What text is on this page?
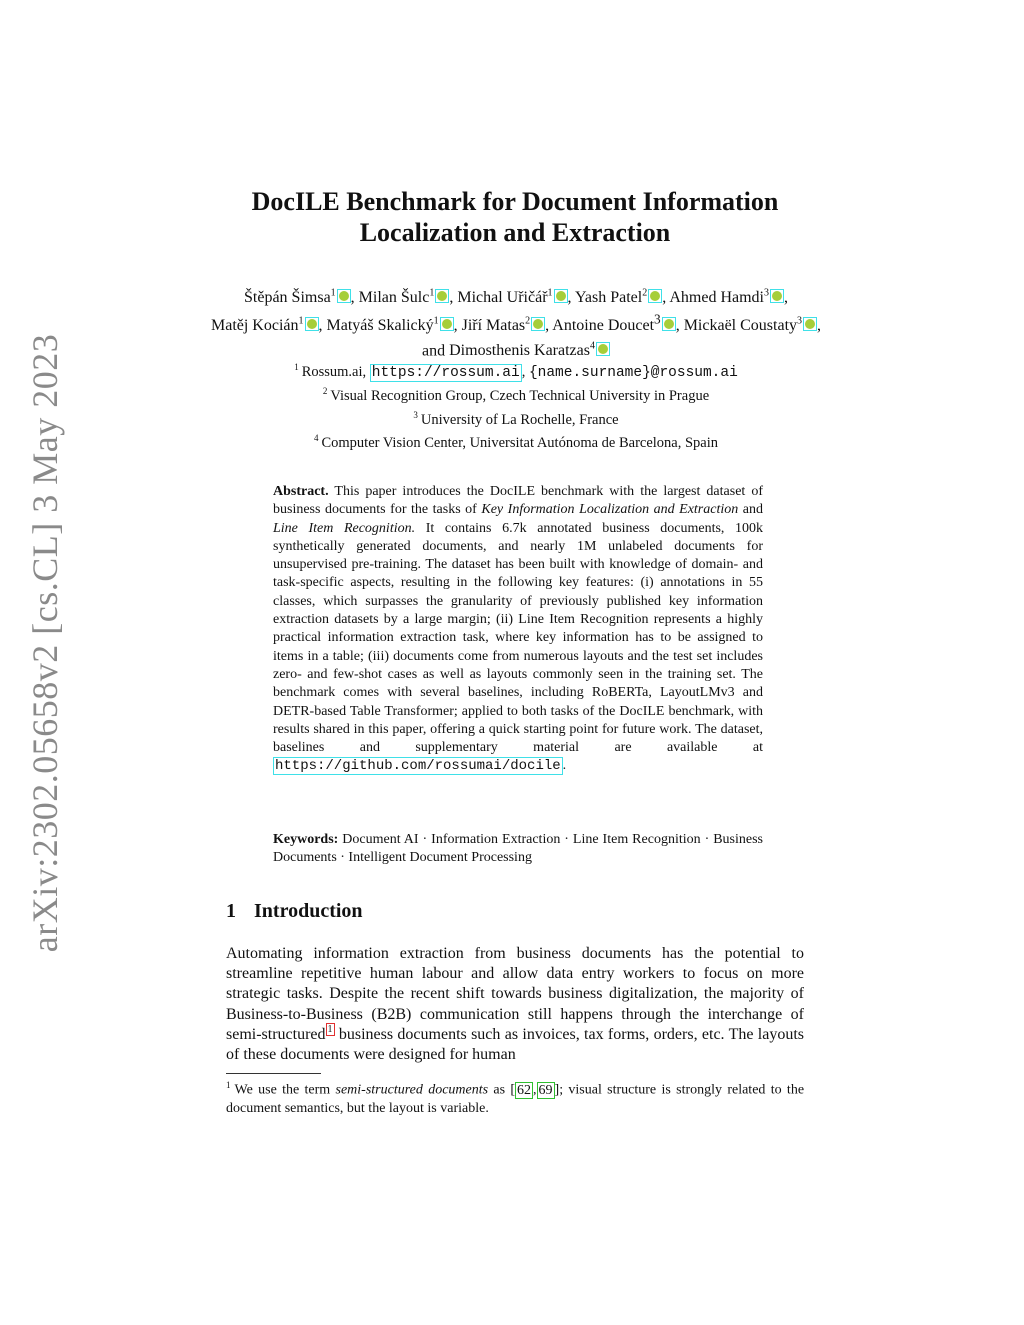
arXiv:2302.05658v2 [cs.CL] 3 May 2023
DocILE Benchmark for Document Information Localization and Extraction
Štěpán Šimsa$^1$ , Milan Šulc$^1$ , Michal Uřičář$^1$ , Yash Patel$^2$ , Ahmed Hamdi$^3$ , Matěj Kocián$^1$ , Matyáš Skalický$^1$ , Jiří Matas$^2$ , Antoine Doucet$^3$ , Mickaël Coustaty$^3$ , and Dimosthenis Karatzas$^4$
$^1$ Rossum.ai, https://rossum.ai , {name.surname}@rossum.ai
$^2$ Visual Recognition Group, Czech Technical University in Prague
$^3$ University of La Rochelle, France
$^4$ Computer Vision Center, Universitat Autónoma de Barcelona, Spain
Abstract. This paper introduces the DocILE benchmark with the largest dataset of business documents for the tasks of Key Information Localization and Extraction and Line Item Recognition. It contains 6.7k annotated business documents, 100k synthetically generated documents, and nearly 1M unlabeled documents for unsupervised pre-training. The dataset has been built with knowledge of domain- and task-specific aspects, resulting in the following key features: (i) annotations in 55 classes, which surpasses the granularity of previously published key information extraction datasets by a large margin; (ii) Line Item Recognition represents a highly practical information extraction task, where key information has to be assigned to items in a table; (iii) documents come from numerous layouts and the test set includes zero- and few-shot cases as well as layouts commonly seen in the training set. The benchmark comes with several baselines, including RoBERTa, LayoutLMv3 and DETR-based Table Transformer; applied to both tasks of the DocILE benchmark, with results shared in this paper, offering a quick starting point for future work. The dataset, baselines and supplementary material are available at https://github.com/rossumai/docile .
Keywords: Document AI · Information Extraction · Line Item Recognition · Business Documents · Intelligent Document Processing
1 Introduction
Automating information extraction from business documents has the potential to streamline repetitive human labour and allow data entry workers to focus on more strategic tasks. Despite the recent shift towards business digitalization, the majority of Business-to-Business (B2B) communication still happens through the interchange of semi-structured $^1$ business documents such as invoices, tax forms, orders, etc. The layouts of these documents were designed for human
$^1$ We use the term semi-structured documents as [ 62 , 69 ]; visual structure is strongly related to the document semantics, but the layout is variable.
